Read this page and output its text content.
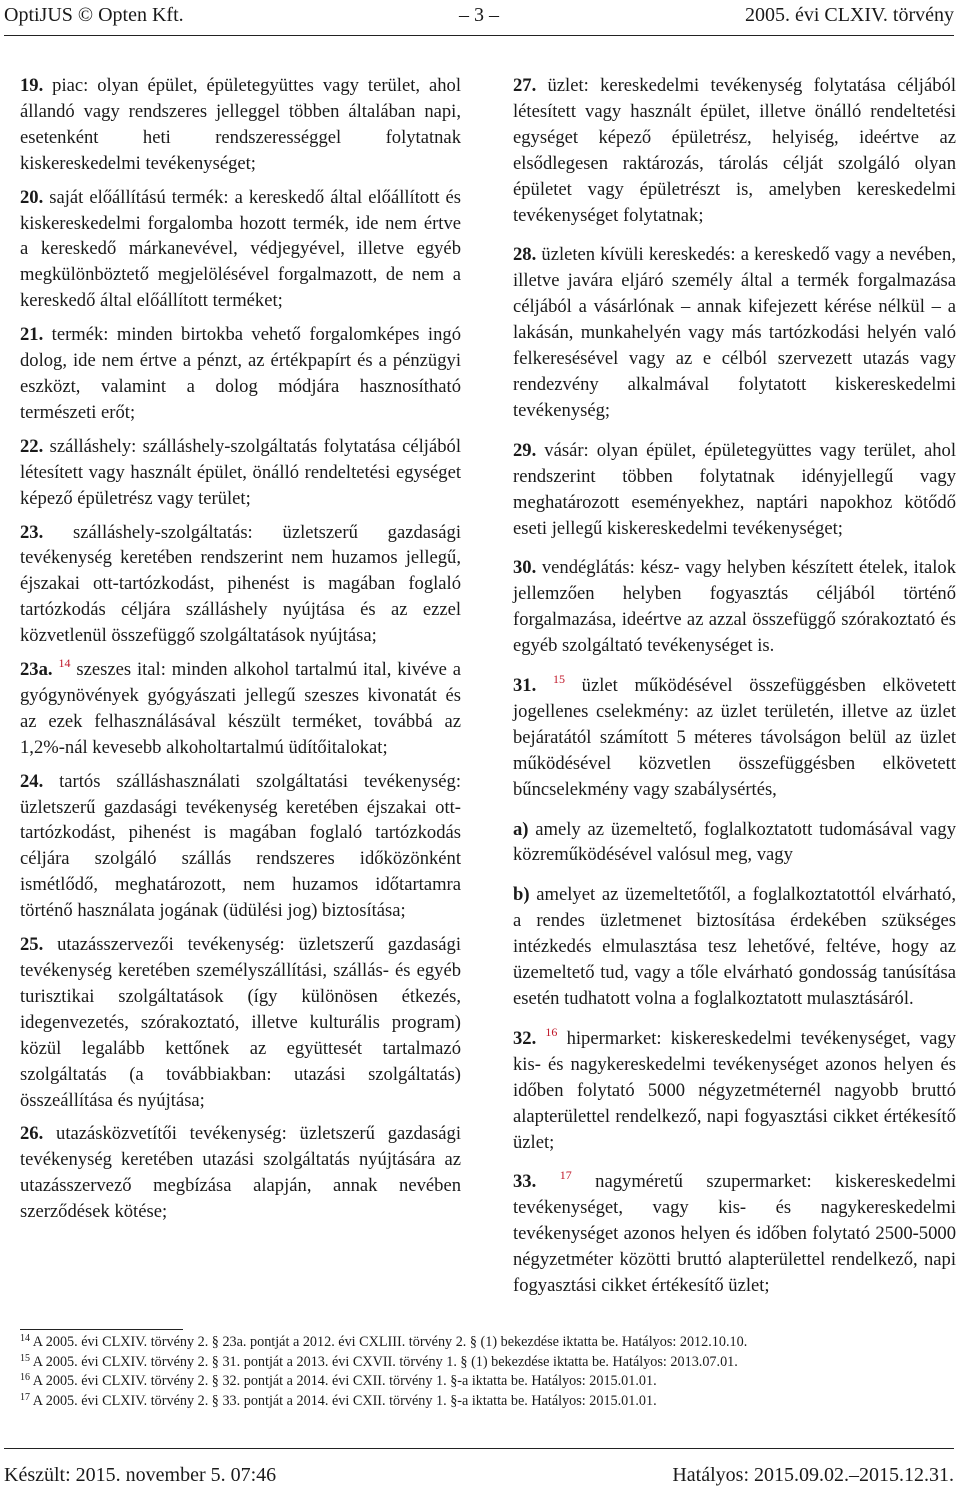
OptiJUS © Opten Kft.	– 3 –	2005. évi CLXIV. törvény
19. piac: olyan épület, épületegyüttes vagy terület, ahol állandó vagy rendszeres jelleggel többen általában napi, esetenként heti rendszerességgel folytatnak kiskereskedelmi tevékenységet;
20. saját előállítású termék: a kereskedő által előállított és kiskereskedelmi forgalomba hozott termék, ide nem értve a kereskedő márkanevével, védjegyével, illetve egyéb megkülönböztető megjelölésével forgalmazott, de nem a kereskedő által előállított terméket;
21. termék: minden birtokba vehető forgalomképes ingó dolog, ide nem értve a pénzt, az értékpapírt és a pénzügyi eszközt, valamint a dolog módjára hasznosítható természeti erőt;
22. szálláshely: szálláshely-szolgáltatás folytatása céljából létesített vagy használt épület, önálló rendeltetési egységet képező épületrész vagy terület;
23. szálláshely-szolgáltatás: üzletszerű gazdasági tevékenység keretében rendszerint nem huzamos jellegű, éjszakai ott-tartózkodást, pihenést is magában foglaló tartózkodás céljára szálláshely nyújtása és az ezzel közvetlenül összefüggő szolgáltatások nyújtása;
23a. $^{14}$ szeszes ital: minden alkohol tartalmú ital, kivéve a gyógynövények gyógyászati jellegű szeszes kivonatát és az ezek felhasználásával készült terméket, továbbá az 1,2%-nál kevesebb alkoholtartalmú üdítőitalokat;
24. tartós szálláshasználati szolgáltatási tevékenység: üzletszerű gazdasági tevékenység keretében éjszakai ott-tartózkodást, pihenést is magában foglaló tartózkodás céljára szolgáló szállás rendszeres időközönként ismétlődő, meghatározott, nem huzamos időtartamra történő használata jogának (üdülési jog) biztosítása;
25. utazásszervezői tevékenység: üzletszerű gazdasági tevékenység keretében személyszállítási, szállás- és egyéb turisztikai szolgáltatások (így különösen étkezés, idegenvezetés, szórakoztató, illetve kulturális program) közül legalább kettőnek az együttesét tartalmazó szolgáltatás (a továbbiakban: utazási szolgáltatás) összeállítása és nyújtása;
26. utazásközvetítői tevékenység: üzletszerű gazdasági tevékenység keretében utazási szolgáltatás nyújtására az utazásszervező megbízása alapján, annak nevében szerződések kötése;
27. üzlet: kereskedelmi tevékenység folytatása céljából létesített vagy használt épület, illetve önálló rendeltetési egységet képező épületrész, helyiség, ideértve az elsődlegesen raktározás, tárolás célját szolgáló olyan épületet vagy épületrészt is, amelyben kereskedelmi tevékenységet folytatnak;
28. üzleten kívüli kereskedés: a kereskedő vagy a nevében, illetve javára eljáró személy által a termék forgalmazása céljából a vásárlónak – annak kifejezett kérése nélkül – a lakásán, munkahelyén vagy más tartózkodási helyén való felkeresésével vagy az e célból szervezett utazás vagy rendezvény alkalmával folytatott kiskereskedelmi tevékenység;
29. vásár: olyan épület, épületegyüttes vagy terület, ahol rendszerint többen folytatnak idényjellegű vagy meghatározott eseményekhez, naptári napokhoz kötődő eseti jellegű kiskereskedelmi tevékenységet;
30. vendéglátás: kész- vagy helyben készített ételek, italok jellemzően helyben fogyasztás céljából történő forgalmazása, ideértve az azzal összefüggő szórakoztató és egyéb szolgáltató tevékenységet is.
31. $^{15}$ üzlet működésével összefüggésben elkövetett jogellenes cselekmény: az üzlet területén, illetve az üzlet bejáratától számított 5 méteres távolságon belül az üzlet működésével közvetlen összefüggésben elkövetett bűncselekmény vagy szabálysértés,
a) amely az üzemeltető, foglalkoztatott tudomásával vagy közreműködésével valósul meg, vagy
b) amelyet az üzemeltetőtől, a foglalkoztatottól elvárható, a rendes üzletmenet biztosítása érdekében szükséges intézkedés elmulasztása tesz lehetővé, feltéve, hogy az üzemeltető tud, vagy a tőle elvárható gondosság tanúsítása esetén tudhatott volna a foglalkoztatott mulasztásáról.
32. $^{16}$ hipermarket: kiskereskedelmi tevékenységet, vagy kis- és nagykereskedelmi tevékenységet azonos helyen és időben folytató 5000 négyzetméternél nagyobb bruttó alapterülettel rendelkező, napi fogyasztási cikket értékesítő üzlet;
33. $^{17}$ nagyméretű szupermarket: kiskereskedelmi tevékenységet, vagy kis- és nagykereskedelmi tevékenységet azonos helyen és időben folytató 2500-5000 négyzetméter közötti bruttó alapterülettel rendelkező, napi fogyasztási cikket értékesítő üzlet;
$^{14}$ A 2005. évi CLXIV. törvény 2. § 23a. pontját a 2012. évi CXLIII. törvény 2. § (1) bekezdése iktatta be. Hatályos: 2012.10.10.
$^{15}$ A 2005. évi CLXIV. törvény 2. § 31. pontját a 2013. évi CXVII. törvény 1. § (1) bekezdése iktatta be. Hatályos: 2013.07.01.
$^{16}$ A 2005. évi CLXIV. törvény 2. § 32. pontját a 2014. évi CXII. törvény 1. §-a iktatta be. Hatályos: 2015.01.01.
$^{17}$ A 2005. évi CLXIV. törvény 2. § 33. pontját a 2014. évi CXII. törvény 1. §-a iktatta be. Hatályos: 2015.01.01.
Készült: 2015. november 5. 07:46	Hatályos: 2015.09.02.–2015.12.31.
